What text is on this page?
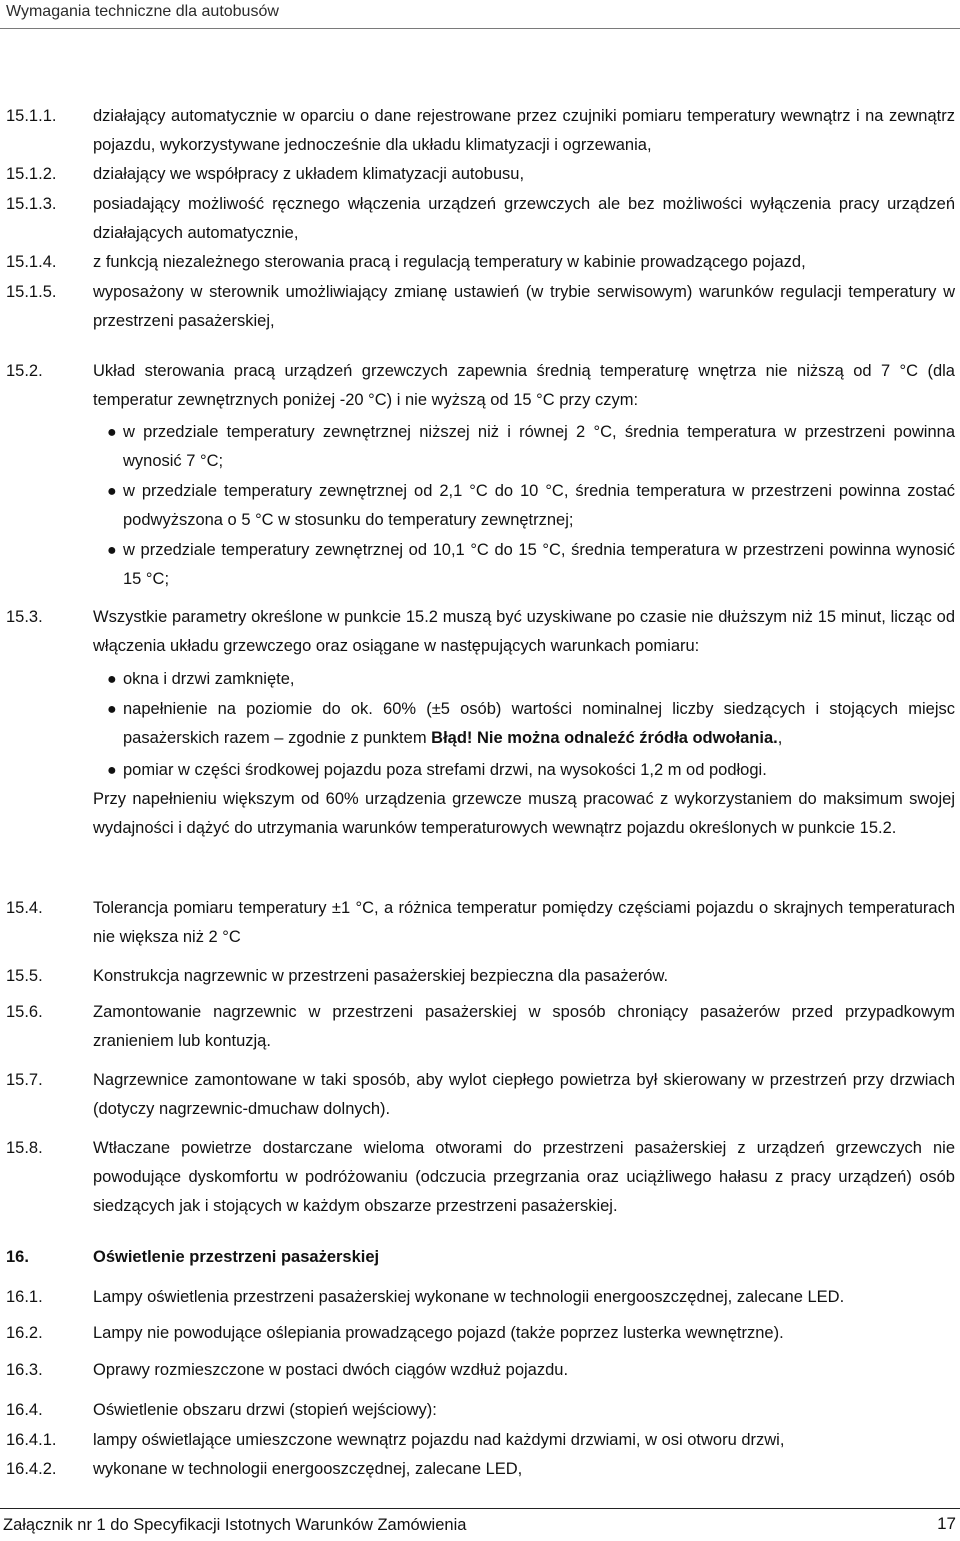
Wymagania techniczne dla autobusów
15.1.1. działający automatycznie w oparciu o dane rejestrowane przez czujniki pomiaru temperatury wewnątrz i na zewnątrz pojazdu, wykorzystywane jednocześnie dla układu klimatyzacji i ogrzewania,
15.1.2. działający we współpracy z układem klimatyzacji autobusu,
15.1.3. posiadający możliwość ręcznego włączenia urządzeń grzewczych ale bez możliwości wyłączenia pracy urządzeń działających automatycznie,
15.1.4. z funkcją niezależnego sterowania pracą i regulacją temperatury w kabinie prowadzącego pojazd,
15.1.5. wyposażony w sterownik umożliwiający zmianę ustawień (w trybie serwisowym) warunków regulacji temperatury w przestrzeni pasażerskiej,
15.2.	Układ sterowania pracą urządzeń grzewczych zapewnia średnią temperaturę wnętrza nie niższą od 7 °C (dla temperatur zewnętrznych poniżej -20 °C) i nie wyższą od 15 °C przy czym:
● w przedziale temperatury zewnętrznej niższej niż i równej 2 °C, średnia temperatura w przestrzeni powinna wynosić 7 °C;
● w przedziale temperatury zewnętrznej od 2,1 °C do 10 °C, średnia temperatura w przestrzeni powinna zostać podwyższona o 5 °C w stosunku do temperatury zewnętrznej;
● w przedziale temperatury zewnętrznej od 10,1 °C do 15 °C, średnia temperatura w przestrzeni powinna wynosić 15 °C;
15.3.	Wszystkie parametry określone w punkcie 15.2 muszą być uzyskiwane po czasie nie dłuższym niż 15 minut, licząc od włączenia układu grzewczego oraz osiągane w następujących warunkach pomiaru:
● okna i drzwi zamknięte,
● napełnienie na poziomie do ok. 60% (±5 osób) wartości nominalnej liczby siedzących i stojących miejsc pasażerskich razem – zgodnie z punktem Błąd! Nie można odnaleźć źródła odwołania.,
● pomiar w części środkowej pojazdu poza strefami drzwi, na wysokości 1,2 m od podłogi.
Przy napełnieniu większym od 60% urządzenia grzewcze muszą pracować z wykorzystaniem do maksimum swojej wydajności i dążyć do utrzymania warunków temperaturowych wewnątrz pojazdu określonych w punkcie 15.2.
15.4.	Tolerancja pomiaru temperatury ±1 °C, a różnica temperatur pomiędzy częściami pojazdu o skrajnych temperaturach nie większa niż 2 °C
15.5.	Konstrukcja nagrzewnic w przestrzeni pasażerskiej bezpieczna dla pasażerów.
15.6.	Zamontowanie nagrzewnic w przestrzeni pasażerskiej w sposób chroniący pasażerów przed przypadkowym zranieniem lub kontuzją.
15.7.	Nagrzewnice zamontowane w taki sposób, aby wylot ciepłego powietrza był skierowany w przestrzeń przy drzwiach (dotyczy nagrzewnic-dmuchaw dolnych).
15.8.	Wtłaczane powietrze dostarczane wieloma otworami do przestrzeni pasażerskiej z urządzeń grzewczych nie powodujące dyskomfortu w podróżowaniu (odczucia przegrzania oraz uciążliwego hałasu z pracy urządzeń) osób siedzących jak i stojących w każdym obszarze przestrzeni pasażerskiej.
16.	Oświetlenie przestrzeni pasażerskiej
16.1.	Lampy oświetlenia przestrzeni pasażerskiej wykonane w technologii energooszczędnej, zalecane LED.
16.2.	Lampy nie powodujące oślepiania prowadzącego pojazd (także poprzez lusterka wewnętrzne).
16.3.	Oprawy rozmieszczone w postaci dwóch ciągów wzdłuż pojazdu.
16.4.	Oświetlenie obszaru drzwi (stopień wejściowy):
16.4.1. lampy oświetlające umieszczone wewnątrz pojazdu nad każdymi drzwiami, w osi otworu drzwi,
16.4.2. wykonane w technologii energooszczędnej, zalecane LED,
Załącznik nr 1 do Specyfikacji Istotnych Warunków Zamówienia	17
